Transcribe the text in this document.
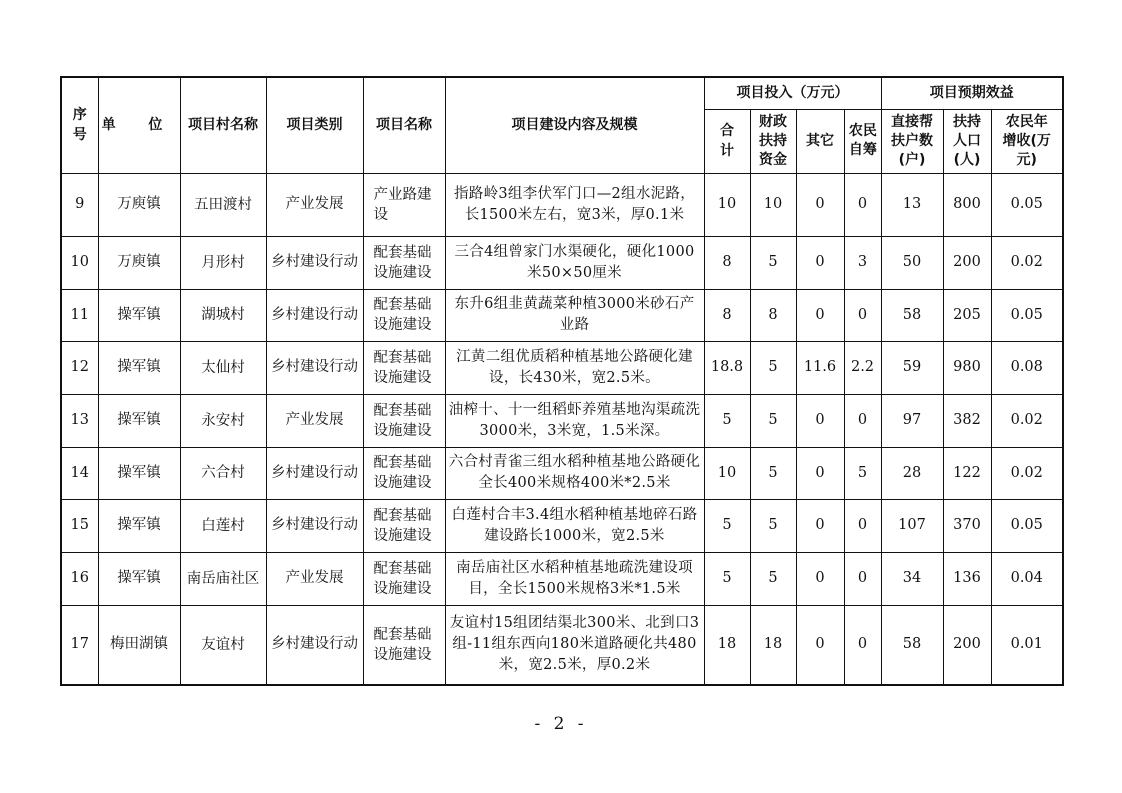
序号	单 位	项目村名称	项目类别	项目名称	项目建设内容及规模	项目投入（万元）				项目预期效益		
						合计	财政扶持资金	其它	农民自筹	直接帮扶户数(户)	扶持人口(人)	农民年增收(万元)
9	万庾镇	五田渡村	产业发展	产业路建设	指路岭3组李伏军门口—2组水泥路，长1500米左右，宽3米，厚0.1米	10	10	0	0	13	800	0.05
10	万庾镇	月形村	乡村建设行动	配套基础设施建设	三合4组曾家门水渠硬化，硬化1000米50×50厘米	8	5	0	3	50	200	0.02
11	操军镇	湖城村	乡村建设行动	配套基础设施建设	东升6组韭黄蔬菜种植3000米砂石产业路	8	8	0	0	58	205	0.05
12	操军镇	太仙村	乡村建设行动	配套基础设施建设	江黄二组优质稻种植基地公路硬化建设，长430米，宽2.5米。	18.8	5	11.6	2.2	59	980	0.08
13	操军镇	永安村	产业发展	配套基础设施建设	油榨十、十一组稻虾养殖基地沟渠疏洗3000米，3米宽，1.5米深。	5	5	0	0	97	382	0.02
14	操军镇	六合村	乡村建设行动	配套基础设施建设	六合村青雀三组水稻种植基地公路硬化全长400米规格400米*2.5米	10	5	0	5	28	122	0.02
15	操军镇	白莲村	乡村建设行动	配套基础设施建设	白莲村合丰3.4组水稻种植基地碎石路建设路长1000米，宽2.5米	5	5	0	0	107	370	0.05
16	操军镇	南岳庙社区	产业发展	配套基础设施建设	南岳庙社区水稻种植基地疏洗建设项目，全长1500米规格3米*1.5米	5	5	0	0	34	136	0.04
17	梅田湖镇	友谊村	乡村建设行动	配套基础设施建设	友谊村15组团结渠北300米、北到口3组-11组东西向180米道路硬化共480米，宽2.5米，厚0.2米	18	18	0	0	58	200	0.01
- 2 -
